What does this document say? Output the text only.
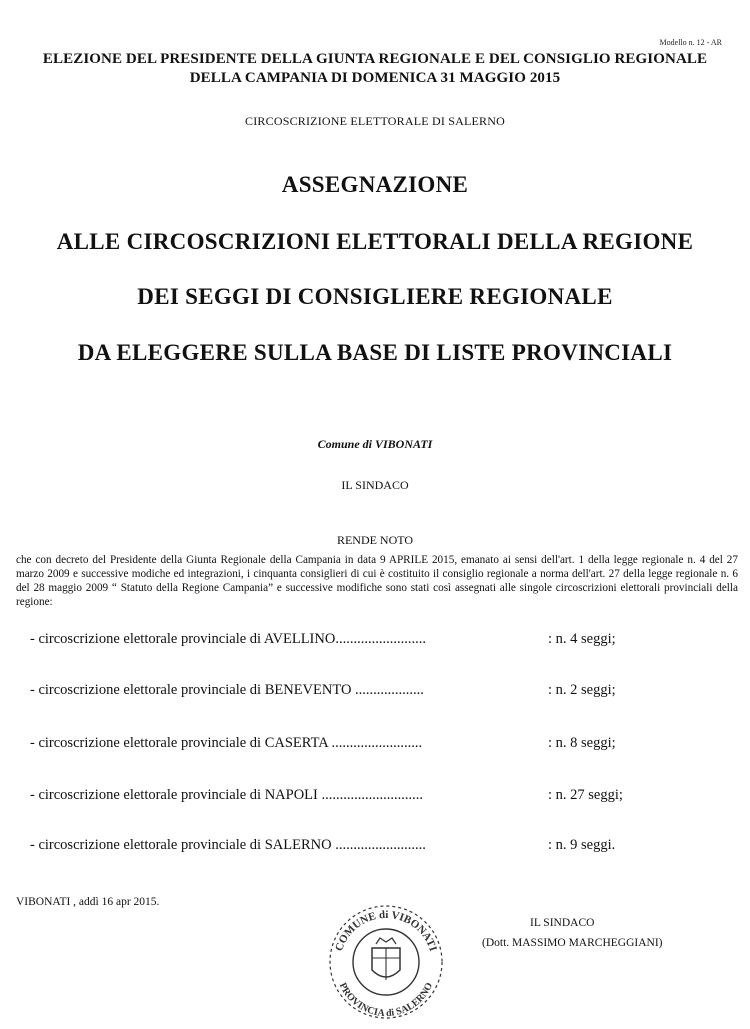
Modello n. 12 - AR
ELEZIONE DEL PRESIDENTE DELLA GIUNTA REGIONALE E DEL CONSIGLIO REGIONALE
DELLA CAMPANIA DI DOMENICA 31 MAGGIO 2015
CIRCOSCRIZIONE ELETTORALE DI SALERNO
ASSEGNAZIONE
ALLE CIRCOSCRIZIONI ELETTORALI DELLA REGIONE
DEI SEGGI DI CONSIGLIERE REGIONALE
DA ELEGGERE SULLA BASE DI LISTE PROVINCIALI
Comune di VIBONATI
IL SINDACO
RENDE NOTO
che con decreto del Presidente della Giunta Regionale della Campania in data 9 APRILE 2015, emanato ai sensi dell'art. 1 della legge regionale n. 4 del 27 marzo 2009 e successive modiche ed integrazioni, i cinquanta consiglieri di cui è costituito il consiglio regionale a norma dell'art. 27 della legge regionale n. 6 del 28 maggio 2009 “ Statuto della Regione Campania” e successive modifiche sono stati così assegnati alle singole circoscrizioni elettorali provinciali della regione:
- circoscrizione elettorale provinciale di AVELLINO.........................	: n. 4 seggi;
- circoscrizione elettorale provinciale di BENEVENTO ...................	: n. 2 seggi;
- circoscrizione elettorale provinciale di CASERTA .........................	: n. 8 seggi;
- circoscrizione elettorale provinciale di NAPOLI ............................	: n. 27 seggi;
- circoscrizione elettorale provinciale di SALERNO .........................	: n. 9 seggi.
VIBONATI , addì 16 apr 2015.
COMUNE di VIBONATI
PROVINCIA di SALERNO
IL SINDACO
(Dott. MASSIMO MARCHEGGIANI)
